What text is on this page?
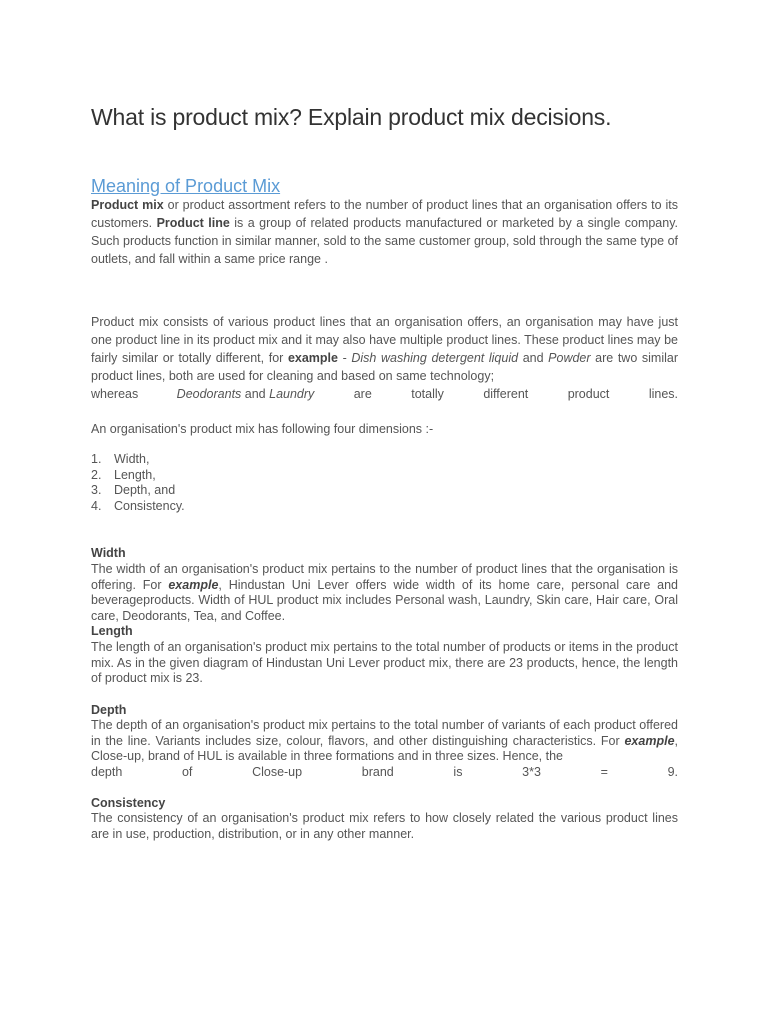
What is product mix? Explain product mix decisions.
Meaning of Product Mix

Product mix or product assortment refers to the number of product lines that an organisation offers to its customers. Product line is a group of related products manufactured or marketed by a single company. Such products function in similar manner, sold to the same customer group, sold through the same type of outlets, and fall within a same price range .

Product mix consists of various product lines that an organisation offers, an organisation may have just one product line in its product mix and it may also have multiple product lines. These product lines may be fairly similar or totally different, for example - Dish washing detergent liquid and Powder are two similar product lines, both are used for cleaning and based on same technology;
whereas	Deodorants and Laundry	are	totally	different	product	lines.

An organisation's product mix has following four dimensions :-

1.	Width,
2.	Length,
3.	Depth, and
4.	Consistency.
Width

The width of an organisation's product mix pertains to the number of product lines that the organisation is offering. For example, Hindustan Uni Lever offers wide width of its home care, personal care and beverageproducts. Width of HUL product mix includes Personal wash, Laundry, Skin care, Hair care, Oral care, Deodorants, Tea, and Coffee.

Length

The length of an organisation's product mix pertains to the total number of products or items in the product mix. As in the given diagram of Hindustan Uni Lever product mix, there are 23 products, hence, the length of product mix is 23.

Depth

The depth of an organisation's product mix pertains to the total number of variants of each product offered in the line. Variants includes size, colour, flavors, and other distinguishing characteristics. For example, Close-up, brand of HUL is available in three formations and in three sizes. Hence, the
depth	of	Close-up	brand	is	3*3	=	9.

Consistency

The consistency of an organisation's product mix refers to how closely related the various product lines are in use, production, distribution, or in any other manner.
